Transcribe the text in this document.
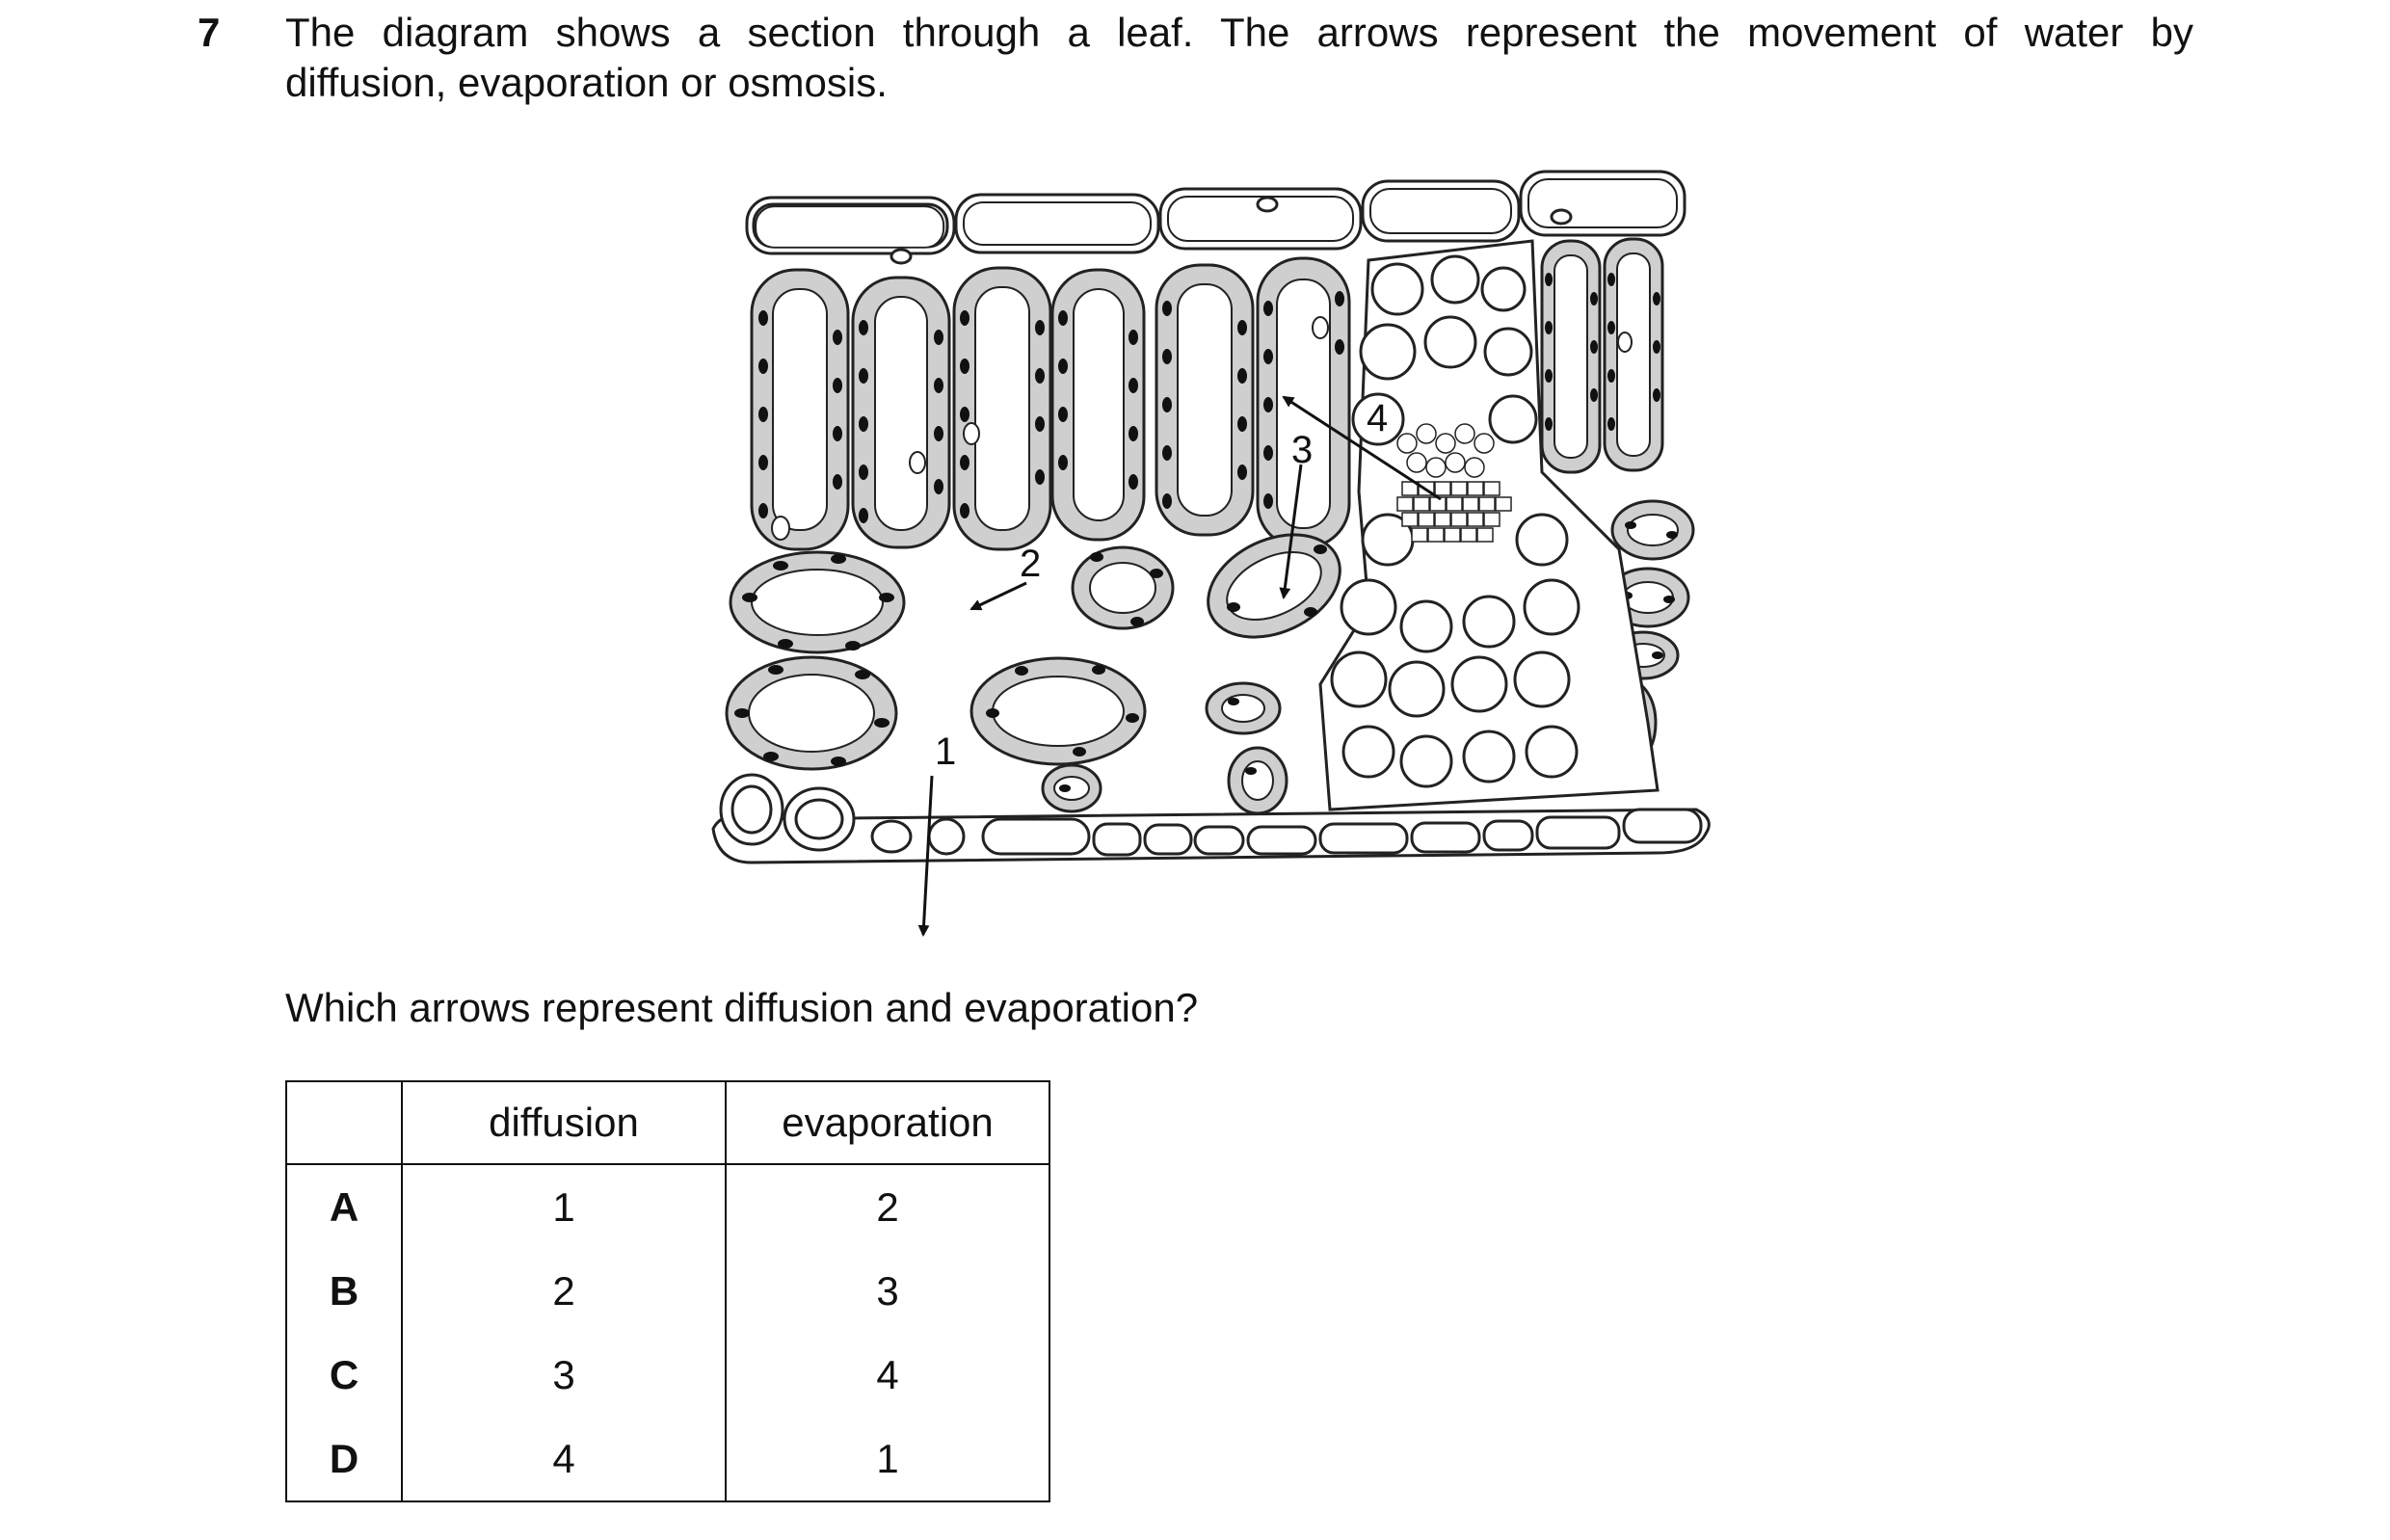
7 The diagram shows a section through a leaf. The arrows represent the movement of water by
diffusion, evaporation or osmosis.
1
2
3
4
Which arrows represent diffusion and evaporation?
	diffusion	evaporation
A	1	2
B	2	3
C	3	4
D	4	1
